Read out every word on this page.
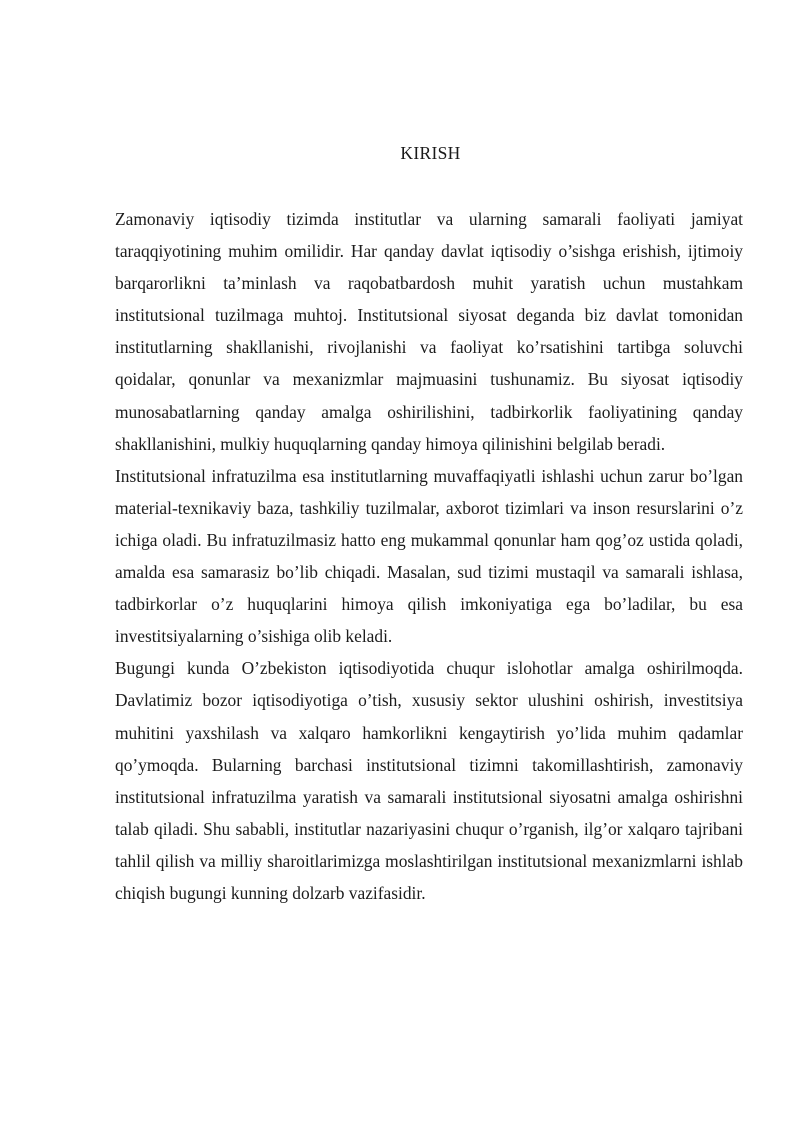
KIRISH

Zamonaviy iqtisodiy tizimda institutlar va ularning samarali faoliyati jamiyat taraqqiyotining muhim omilidir. Har qanday davlat iqtisodiy o’sishga erishish, ijtimoiy barqarorlikni ta’minlash va raqobatbardosh muhit yaratish uchun mustahkam institutsional tuzilmaga muhtoj. Institutsional siyosat deganda biz davlat tomonidan institutlarning shakllanishi, rivojlanishi va faoliyat ko’rsatishini tartibga soluvchi qoidalar, qonunlar va mexanizmlar majmuasini tushunamiz. Bu siyosat iqtisodiy munosabatlarning qanday amalga oshirilishini, tadbirkorlik faoliyatining qanday shakllanishini, mulkiy huquqlarning qanday himoya qilinishini belgilab beradi.

Institutsional infratuzilma esa institutlarning muvaffaqiyatli ishlashi uchun zarur bo’lgan material-texnikaviy baza, tashkiliy tuzilmalar, axborot tizimlari va inson resurslarini o’z ichiga oladi. Bu infratuzilmasiz hatto eng mukammal qonunlar ham qog’oz ustida qoladi, amalda esa samarasiz bo’lib chiqadi. Masalan, sud tizimi mustaqil va samarali ishlasa, tadbirkorlar o’z huquqlarini himoya qilish imkoniyatiga ega bo’ladilar, bu esa investitsiyalarning o’sishiga olib keladi.

Bugungi kunda O’zbekiston iqtisodiyotida chuqur islohotlar amalga oshirilmoqda. Davlatimiz bozor iqtisodiyotiga o’tish, xususiy sektor ulushini oshirish, investitsiya muhitini yaxshilash va xalqaro hamkorlikni kengaytirish yo’lida muhim qadamlar qo’ymoqda. Bularning barchasi institutsional tizimni takomillashtirish, zamonaviy institutsional infratuzilma yaratish va samarali institutsional siyosatni amalga oshirishni talab qiladi. Shu sababli, institutlar nazariyasini chuqur o’rganish, ilg’or xalqaro tajribani tahlil qilish va milliy sharoitlarimizga moslashtirilgan institutsional mexanizmlarni ishlab chiqish bugungi kunning dolzarb vazifasidir.
